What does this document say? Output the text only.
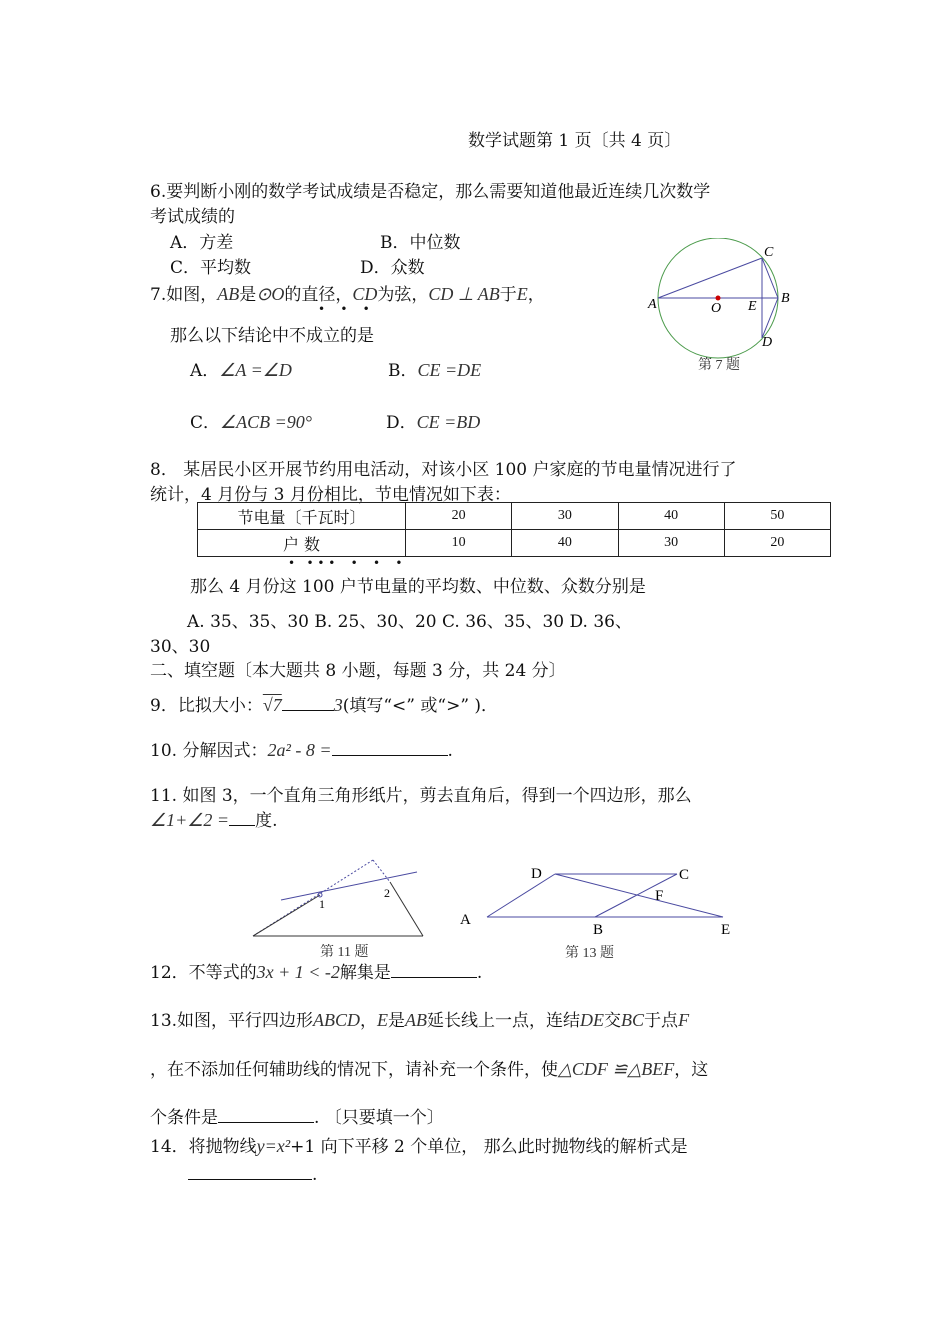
数学试题第 1 页〔共 4 页〕
6.要判断小刚的数学考试成绩是否稳定，那么需要知道他最近连续几次数学
考试成绩的
A．方差	B．中位数
C．平均数	D．众数
7.如图，AB是⊙O的直径，CD为弦，CD ⊥ AB于E，
•    •    •
那么以下结论中不成立的是
A．∠A =∠D	B．CE =DE
C．∠ACB =90°	D．CE =BD
A	B
C
D
O E
第 7 题
8． 某居民小区开展节约用电活动，对该小区 100 户家庭的节电量情况进行了
统计，4 月份与 3 月份相比，节电情况如下表：
节电量〔千瓦时〕	20	30	40	50
户 数	10	40	30	20
•   • • •    •    •    •
那么 4 月份这 100 户节电量的平均数、中位数、众数分别是
A. 35、35、30 B. 25、30、20 C. 36、35、30 D. 36、
30、30
二、填空题〔本大题共 8 小题，每题 3 分，共 24 分〕
9．比拟大小：√7	3(填写“<” 或“>” )．
10. 分解因式：2a² - 8 =	.
11. 如图 3，一个直角三角形纸片，剪去直角后，得到一个四边形，那么
∠1+∠2 = 度.
1
2
第 11 题
A
B
C
D
E
F
第 13 题
12．不等式的3x + 1 < -2解集是	.
13.如图，平行四边形ABCD，E是AB延长线上一点，连结DE交BC于点F
，在不添加任何辅助线的情况下，请补充一个条件，使△CDF ≌△BEF，这
个条件是	. 〔只要填一个〕
14．将抛物线y=x²+1 向下平移 2 个单位， 那么此时抛物线的解析式是
.
